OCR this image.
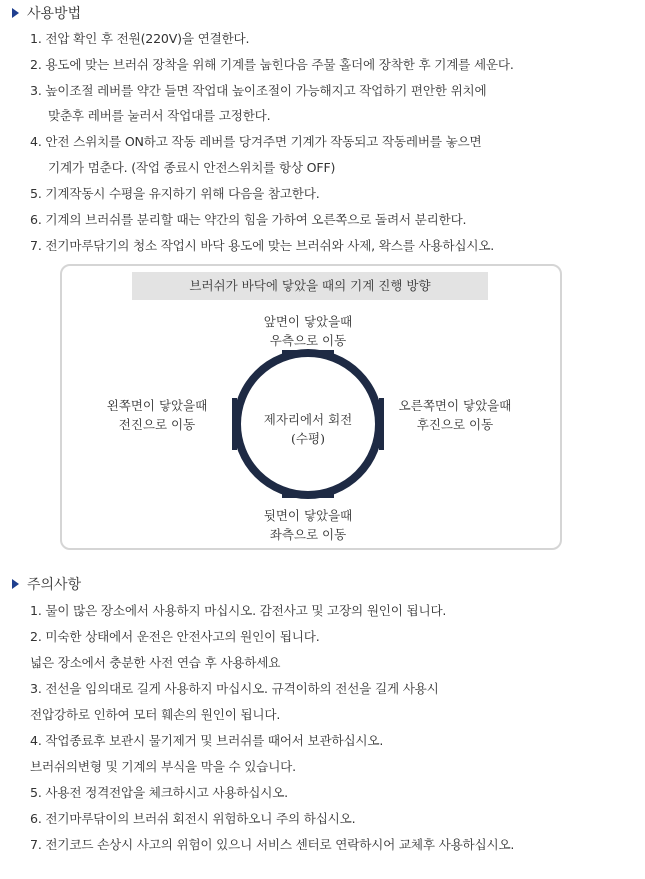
사용방법
1. 전압 확인 후 전원(220V)을 연결한다.
2. 용도에 맞는 브러쉬 장착을 위해 기계를 눕힌다음 주물 홀더에 장착한 후 기계를 세운다.
3. 높이조절 레버를 약간 들면 작업대 높이조절이 가능해지고 작업하기 편안한 위치에
맞춘후 레버를 눌러서 작업대를 고정한다.
4. 안전 스위치를 ON하고 작동 레버를 당겨주면 기계가 작동되고 작동레버를 놓으면
기계가 멈춘다. (작업 종료시 안전스위치를 항상 OFF)
5. 기계작동시 수평을 유지하기 위해 다음을 참고한다.
6. 기계의 브러쉬를 분리할 때는 약간의 힘을 가하여 오른쪽으로 돌려서 분리한다.
7. 전기마루닦기의 청소 작업시 바닥 용도에 맞는 브러쉬와 사제, 왁스를 사용하십시오.
브러쉬가 바닥에 닿았을 때의 기계 진행 방향
앞면이 닿았을때
우측으로 이동
왼쪽면이 닿았을때
전진으로 이동
오른쪽면이 닿았을때
후진으로 이동
제자리에서 회전
(수평)
뒷면이 닿았을때
좌측으로 이동
주의사항
1. 물이 많은 장소에서 사용하지 마십시오. 감전사고 및 고장의 원인이 됩니다.
2. 미숙한 상태에서 운전은 안전사고의 원인이 됩니다.
넓은 장소에서 충분한 사전 연습 후 사용하세요
3. 전선을 임의대로 길게 사용하지 마십시오. 규격이하의 전선을 길게 사용시
전압강하로 인하여 모터 훼손의 원인이 됩니다.
4. 작업종료후 보관시 물기제거 및 브러쉬를 때어서 보관하십시오.
브러쉬의변형 및 기계의 부식을 막을 수 있습니다.
5. 사용전 정격전압을 체크하시고 사용하십시오.
6. 전기마루닦이의 브러쉬 회전시 위험하오니 주의 하십시오.
7. 전기코드 손상시 사고의 위험이 있으니 서비스 센터로 연락하시어 교체후 사용하십시오.
